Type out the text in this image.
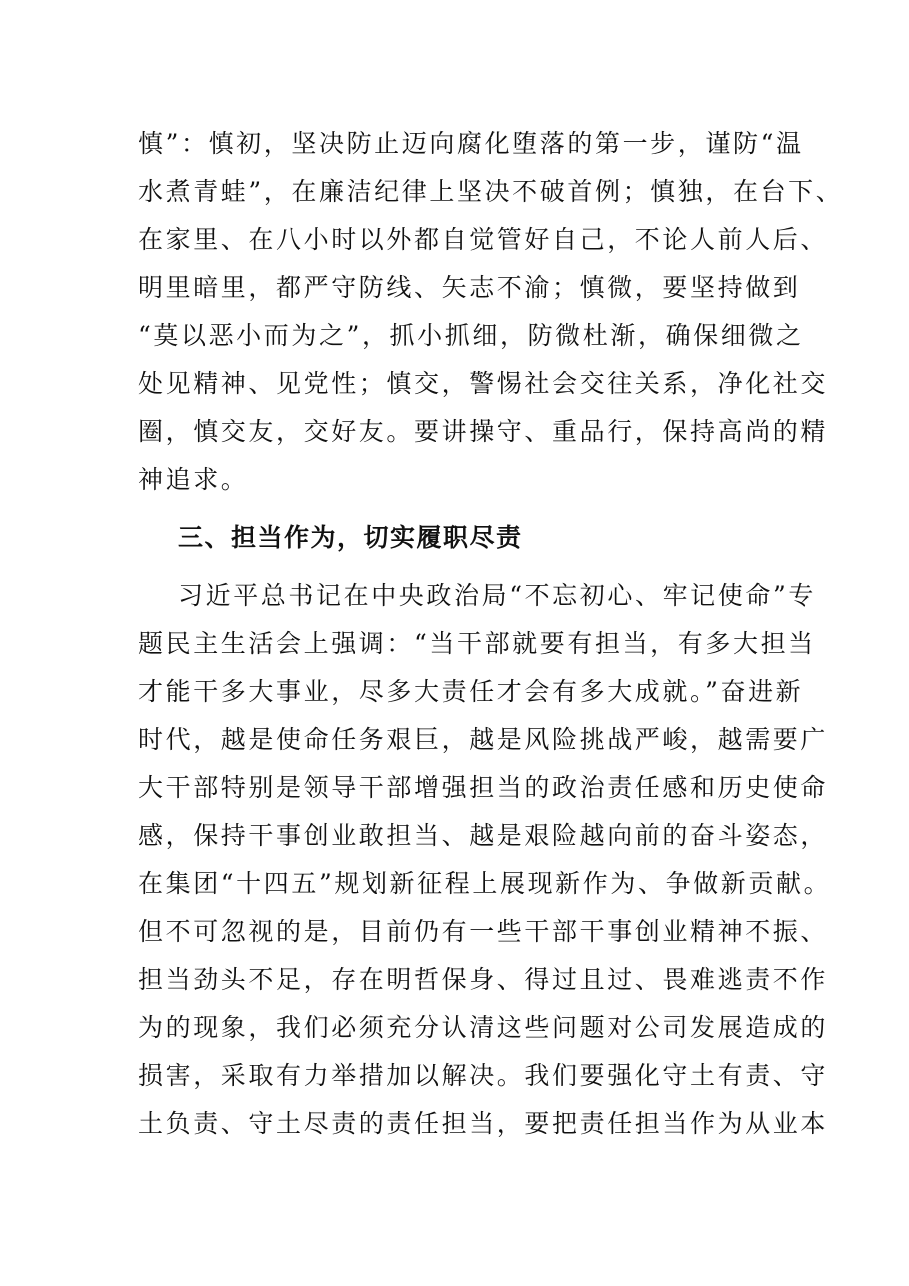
慎”：慎初，坚决防止迈向腐化堕落的第一步，谨防“温
水煮青蛙”，在廉洁纪律上坚决不破首例；慎独，在台下、
在家里、在八小时以外都自觉管好自己，不论人前人后、
明里暗里，都严守防线、矢志不渝；慎微，要坚持做到
“莫以恶小而为之”，抓小抓细，防微杜渐，确保细微之
处见精神、见党性；慎交，警惕社会交往关系，净化社交
圈，慎交友，交好友。要讲操守、重品行，保持高尚的精
神追求。
三、担当作为，切实履职尽责
习近平总书记在中央政治局“不忘初心、牢记使命”专
题民主生活会上强调：“当干部就要有担当，有多大担当
才能干多大事业，尽多大责任才会有多大成就。”奋进新
时代，越是使命任务艰巨，越是风险挑战严峻，越需要广
大干部特别是领导干部增强担当的政治责任感和历史使命
感，保持干事创业敢担当、越是艰险越向前的奋斗姿态，
在集团“十四五”规划新征程上展现新作为、争做新贡献。
但不可忽视的是，目前仍有一些干部干事创业精神不振、
担当劲头不足，存在明哲保身、得过且过、畏难逃责不作
为的现象，我们必须充分认清这些问题对公司发展造成的
损害，采取有力举措加以解决。我们要强化守土有责、守
土负责、守土尽责的责任担当，要把责任担当作为从业本
